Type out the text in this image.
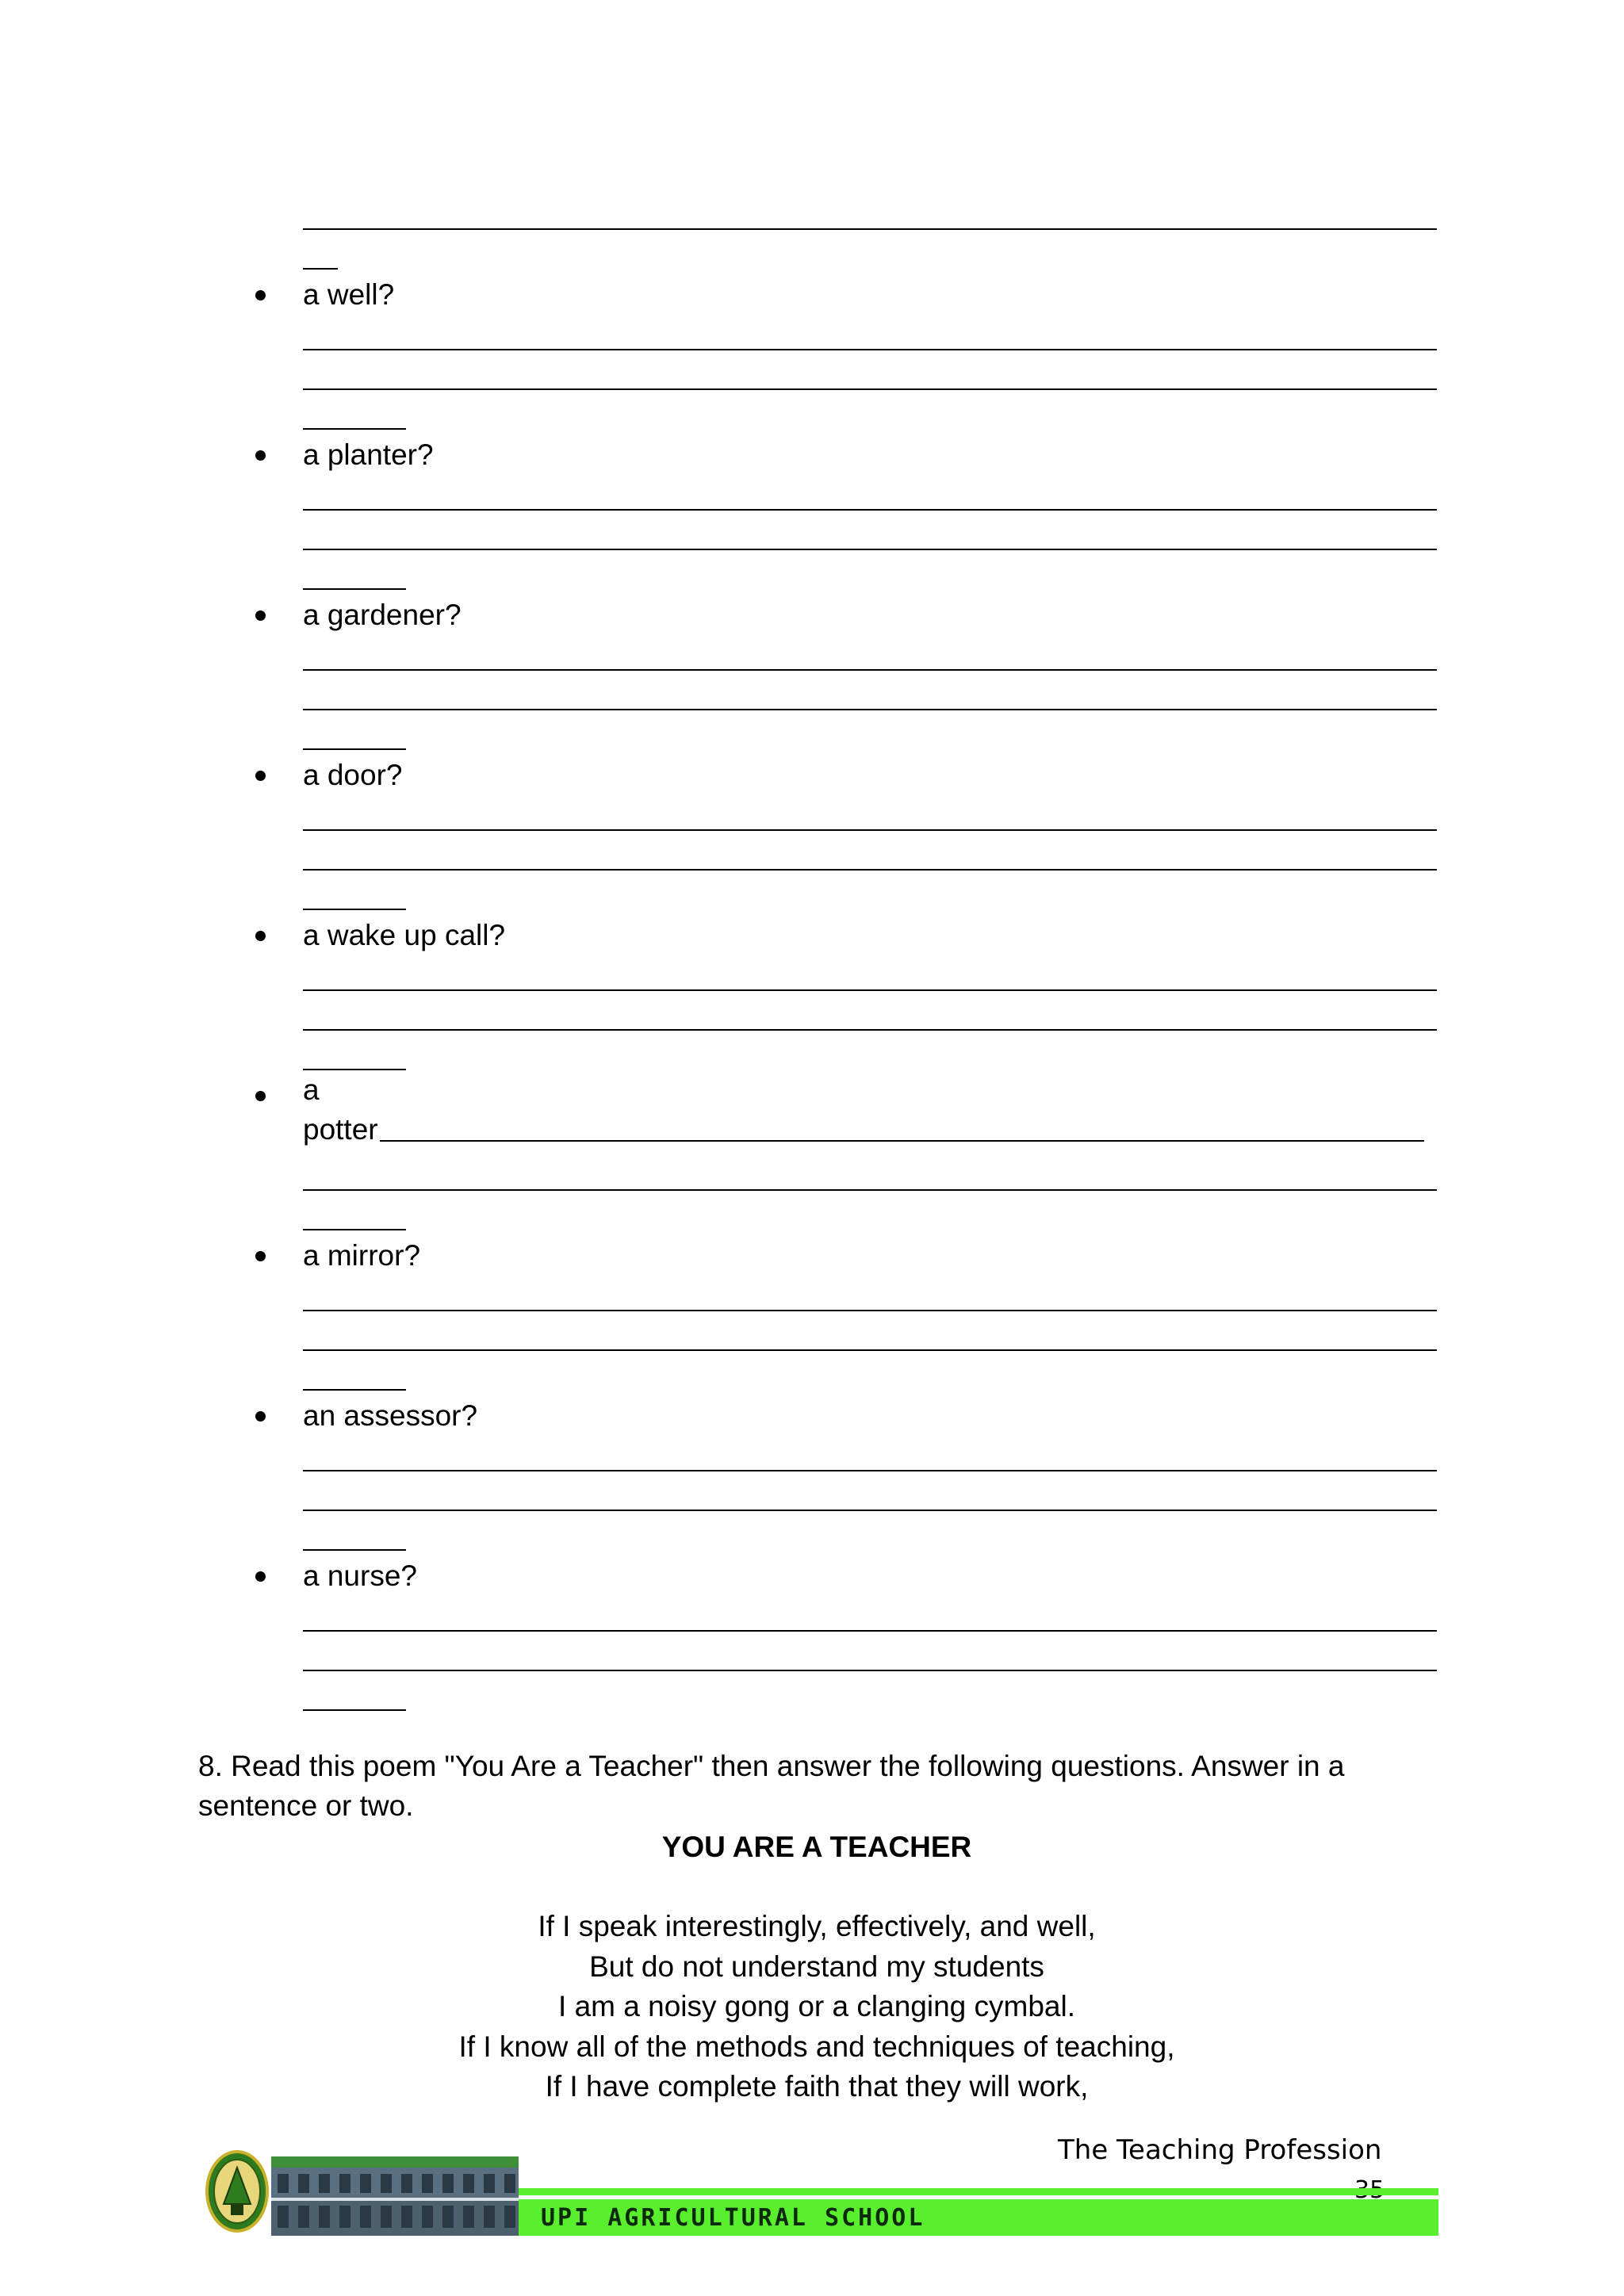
a well?
a planter?
a gardener?
a door?
a wake up call?
a
potter
a mirror?
an assessor?
a nurse?
8. Read this poem "You Are a Teacher" then answer the following questions. Answer in a sentence or two.
YOU ARE A TEACHER
If I speak interestingly, effectively, and well,
But do not understand my students
I am a noisy gong or a clanging cymbal.
If I know all of the methods and techniques of teaching,
If I have complete faith that they will work,
The Teaching Profession
UPI AGRICULTURAL SCHOOL
